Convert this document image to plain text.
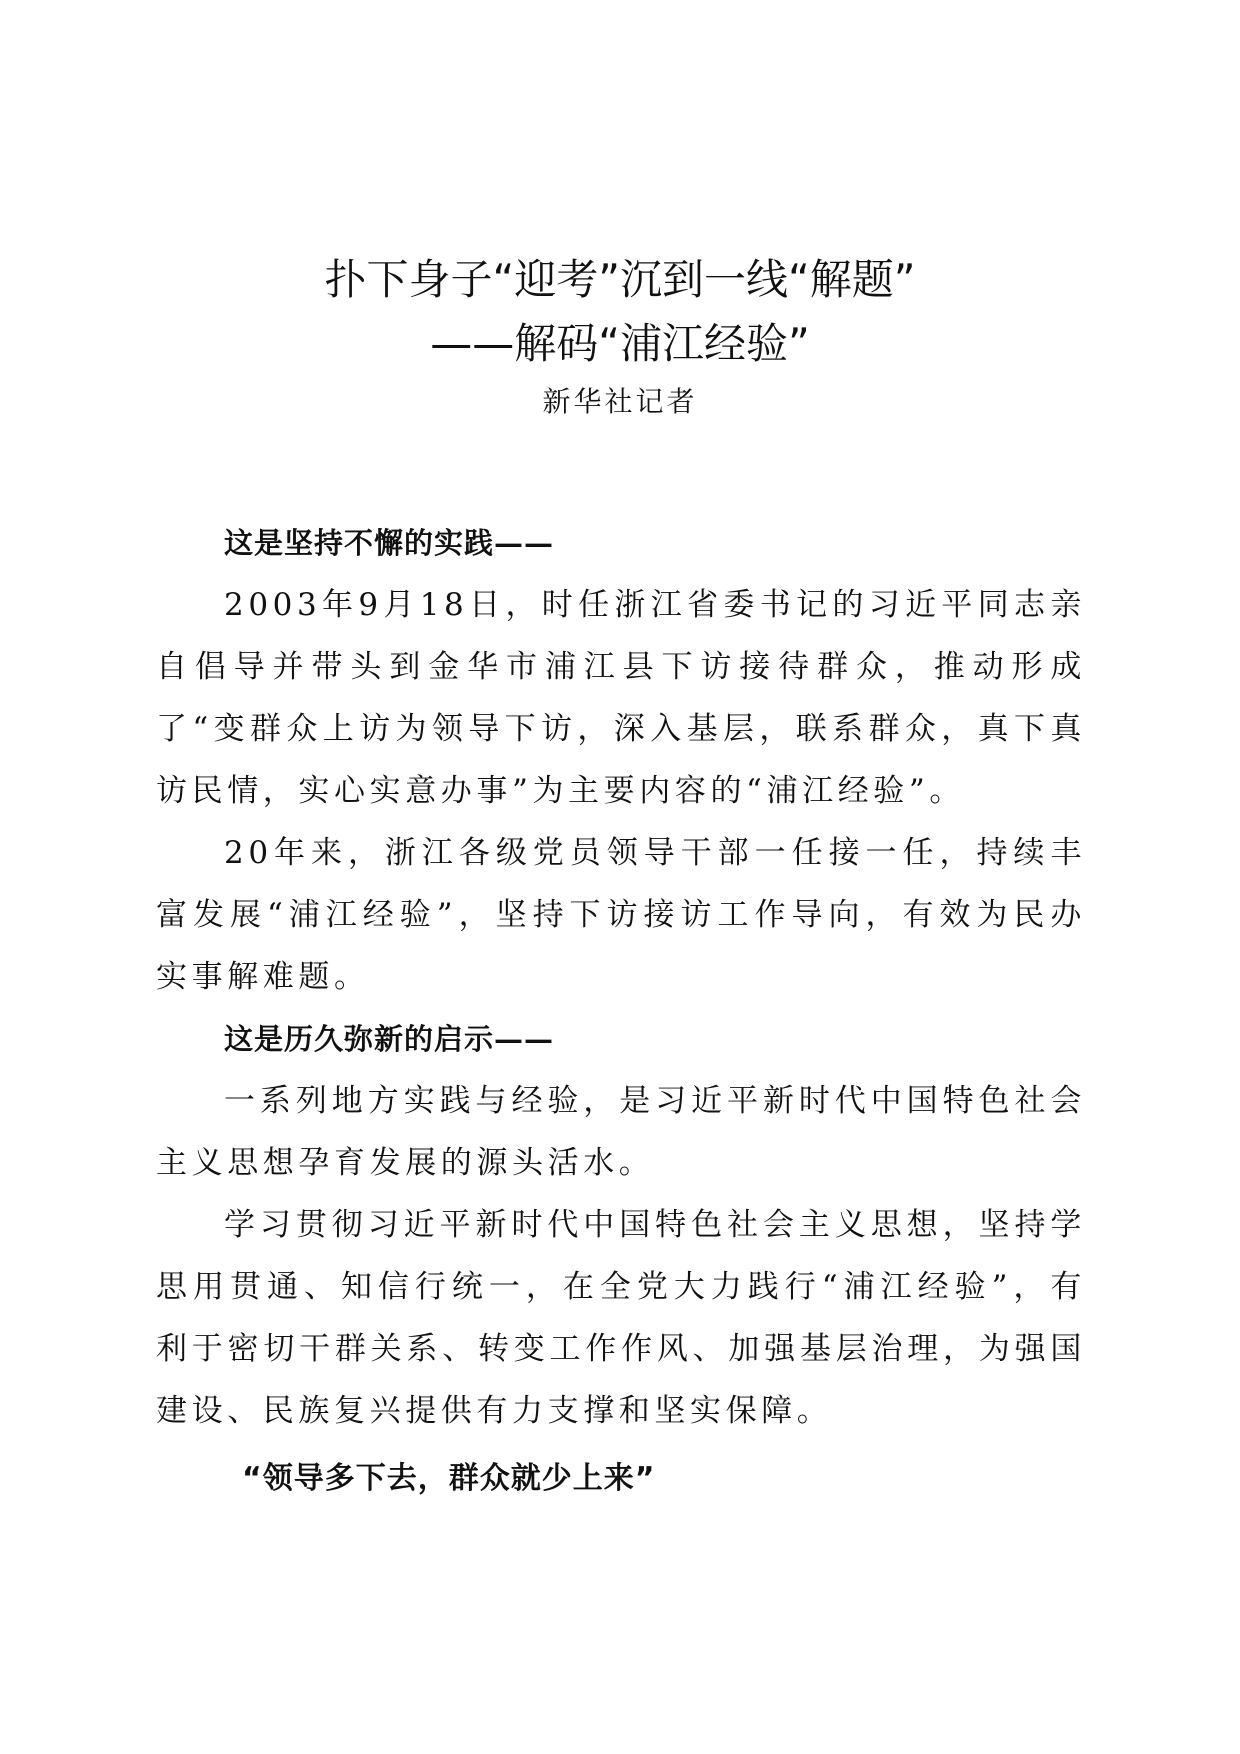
扑下身子“迎考”沉到一线“解题”
——解码“浦江经验”
新华社记者

这是坚持不懈的实践——

2003年9月18日，时任浙江省委书记的习近平同志亲自倡导并带头到金华市浦江县下访接待群众，推动形成了“变群众上访为领导下访，深入基层，联系群众，真下真访民情，实心实意办事”为主要内容的“浦江经验”。

20年来，浙江各级党员领导干部一任接一任，持续丰富发展“浦江经验”，坚持下访接访工作导向，有效为民办实事解难题。

这是历久弥新的启示——

一系列地方实践与经验，是习近平新时代中国特色社会主义思想孕育发展的源头活水。

学习贯彻习近平新时代中国特色社会主义思想，坚持学思用贯通、知信行统一，在全党大力践行“浦江经验”，有利于密切干群关系、转变工作作风、加强基层治理，为强国建设、民族复兴提供有力支撑和坚实保障。

“领导多下去，群众就少上来”
